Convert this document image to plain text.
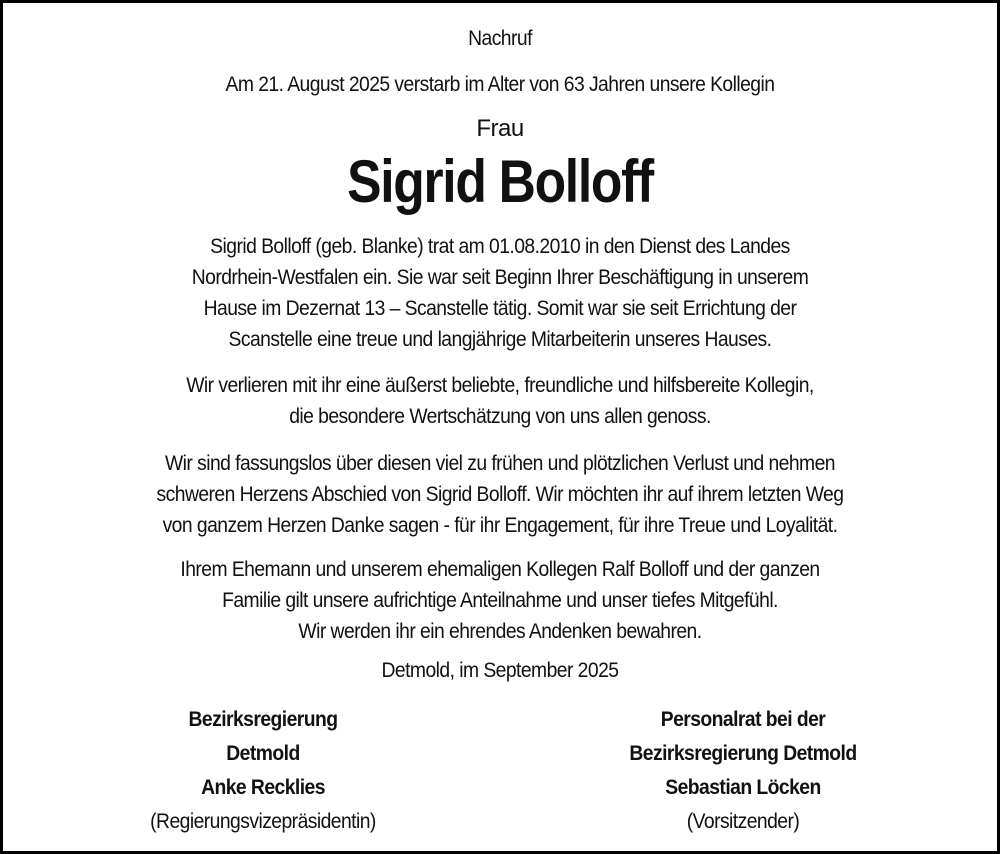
Nachruf
Am 21. August 2025 verstarb im Alter von 63 Jahren unsere Kollegin
Frau
Sigrid Bolloff
Sigrid Bolloff (geb. Blanke) trat am 01.08.2010 in den Dienst des Landes
Nordrhein-Westfalen ein. Sie war seit Beginn Ihrer Beschäftigung in unserem
Hause im Dezernat 13 – Scanstelle tätig. Somit war sie seit Errichtung der
Scanstelle eine treue und langjährige Mitarbeiterin unseres Hauses.
Wir verlieren mit ihr eine äußerst beliebte, freundliche und hilfsbereite Kollegin,
die besondere Wertschätzung von uns allen genoss.
Wir sind fassungslos über diesen viel zu frühen und plötzlichen Verlust und nehmen
schweren Herzens Abschied von Sigrid Bolloff. Wir möchten ihr auf ihrem letzten Weg
von ganzem Herzen Danke sagen - für ihr Engagement, für ihre Treue und Loyalität.
Ihrem Ehemann und unserem ehemaligen Kollegen Ralf Bolloff und der ganzen
Familie gilt unsere aufrichtige Anteilnahme und unser tiefes Mitgefühl.
Wir werden ihr ein ehrendes Andenken bewahren.
Detmold, im September 2025
Bezirksregierung
Detmold
Anke Recklies
(Regierungsvizepräsidentin)
Personalrat bei der
Bezirksregierung Detmold
Sebastian Löcken
(Vorsitzender)
